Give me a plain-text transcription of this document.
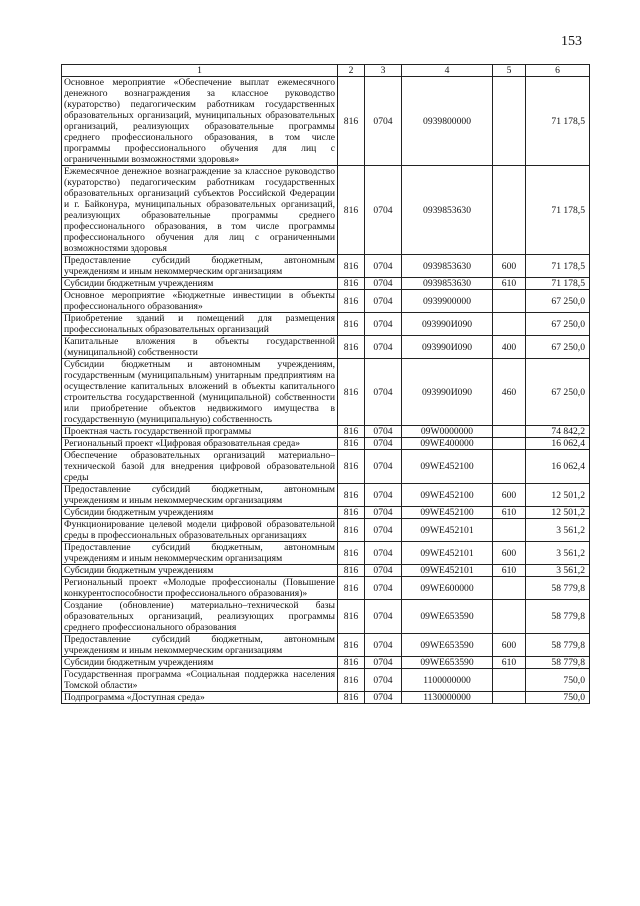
153
1	2	3	4	5	6
Основное мероприятие «Обеспечение выплат ежемесячного денежного вознаграждения за классное руководство (кураторство) педагогическим работникам государственных образовательных организаций, муниципальных образовательных организаций, реализующих образовательные программы среднего профессионального образования, в том числе программы профессионального обучения для лиц с ограниченными возможностями здоровья»	816	0704	0939800000		71 178,5
Ежемесячное денежное вознаграждение за классное руководство (кураторство) педагогическим работникам государственных образовательных организаций субъектов Российской Федерации и г. Байконура, муниципальных образовательных организаций, реализующих образовательные программы среднего профессионального образования, в том числе программы профессионального обучения для лиц с ограниченными возможностями здоровья	816	0704	0939853630		71 178,5
Предоставление субсидий бюджетным, автономным учреждениям и иным некоммерческим организациям	816	0704	0939853630	600	71 178,5
Субсидии бюджетным учреждениям	816	0704	0939853630	610	71 178,5
Основное мероприятие «Бюджетные инвестиции в объекты профессионального образования»	816	0704	0939900000		67 250,0
Приобретение зданий и помещений для размещения профессиональных образовательных организаций	816	0704	093990И090		67 250,0
Капитальные вложения в объекты государственной (муниципальной) собственности	816	0704	093990И090	400	67 250,0
Субсидии бюджетным и автономным учреждениям, государственным (муниципальным) унитарным предприятиям на осуществление капитальных вложений в объекты капитального строительства государственной (муниципальной) собственности или приобретение объектов недвижимого имущества в государственную (муниципальную) собственность	816	0704	093990И090	460	67 250,0
Проектная часть государственной программы	816	0704	09W0000000		74 842,2
Региональный проект «Цифровая образовательная среда»	816	0704	09WE400000		16 062,4
Обеспечение образовательных организаций материально–технической базой для внедрения цифровой образовательной среды	816	0704	09WE452100		16 062,4
Предоставление субсидий бюджетным, автономным учреждениям и иным некоммерческим организациям	816	0704	09WE452100	600	12 501,2
Субсидии бюджетным учреждениям	816	0704	09WE452100	610	12 501,2
Функционирование целевой модели цифровой образовательной среды в профессиональных образовательных организациях	816	0704	09WE452101		3 561,2
Предоставление субсидий бюджетным, автономным учреждениям и иным некоммерческим организациям	816	0704	09WE452101	600	3 561,2
Субсидии бюджетным учреждениям	816	0704	09WE452101	610	3 561,2
Региональный проект «Молодые профессионалы (Повышение конкурентоспособности профессионального образования)»	816	0704	09WE600000		58 779,8
Создание (обновление) материально–технической базы образовательных организаций, реализующих программы среднего профессионального образования	816	0704	09WE653590		58 779,8
Предоставление субсидий бюджетным, автономным учреждениям и иным некоммерческим организациям	816	0704	09WE653590	600	58 779,8
Субсидии бюджетным учреждениям	816	0704	09WE653590	610	58 779,8
Государственная программа «Социальная поддержка населения Томской области»	816	0704	1100000000		750,0
Подпрограмма «Доступная среда»	816	0704	1130000000		750,0
